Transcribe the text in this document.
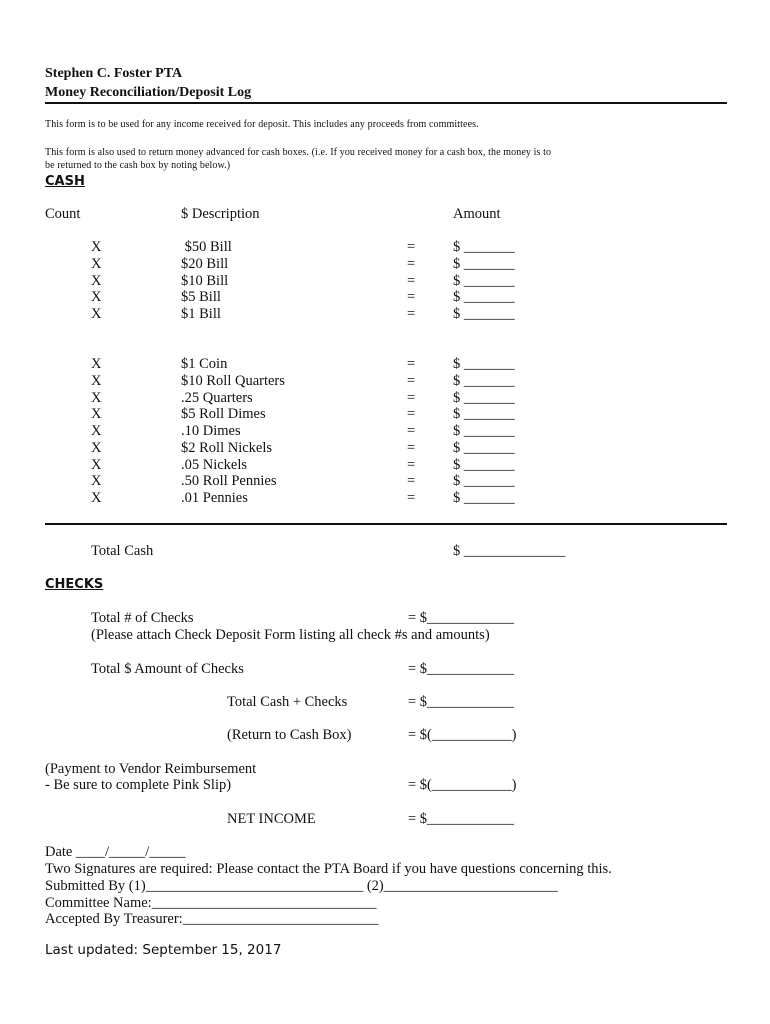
Stephen C. Foster PTA
Money Reconciliation/Deposit Log
This form is to be used for any income received for deposit. This includes any proceeds from committees.
This form is also used to return money advanced for cash boxes. (i.e. If you received money for a cash box, the money is to
be returned to the cash box by noting below.)
CASH
Count	$ Description	Amount
X	$50 Bill	=	$ _______
X	$20 Bill	=	$ _______
X	$10 Bill	=	$ _______
X	$5 Bill	=	$ _______
X	$1 Bill	=	$ _______
X	$1 Coin	=	$ _______
X	$10 Roll Quarters	=	$ _______
X	.25 Quarters	=	$ _______
X	$5 Roll Dimes	=	$ _______
X	.10 Dimes	=	$ _______
X	$2 Roll Nickels	=	$ _______
X	.05 Nickels	=	$ _______
X	.50 Roll Pennies	=	$ _______
X	.01 Pennies	=	$ _______
Total Cash	$ ______________
CHECKS
Total # of Checks	= $____________
(Please attach Check Deposit Form listing all check #s and amounts)
Total $ Amount of Checks	= $____________
Total Cash + Checks	= $____________
(Return to Cash Box)	= $(___________)
(Payment to Vendor Reimbursement
- Be sure to complete Pink Slip)	= $(___________)
NET INCOME	= $____________
Date ____/_____/_____
Two Signatures are required: Please contact the PTA Board if you have questions concerning this.
Submitted By (1)______________________________ (2)________________________
Committee Name:_______________________________
Accepted By Treasurer:___________________________
Last updated: September 15, 2017
